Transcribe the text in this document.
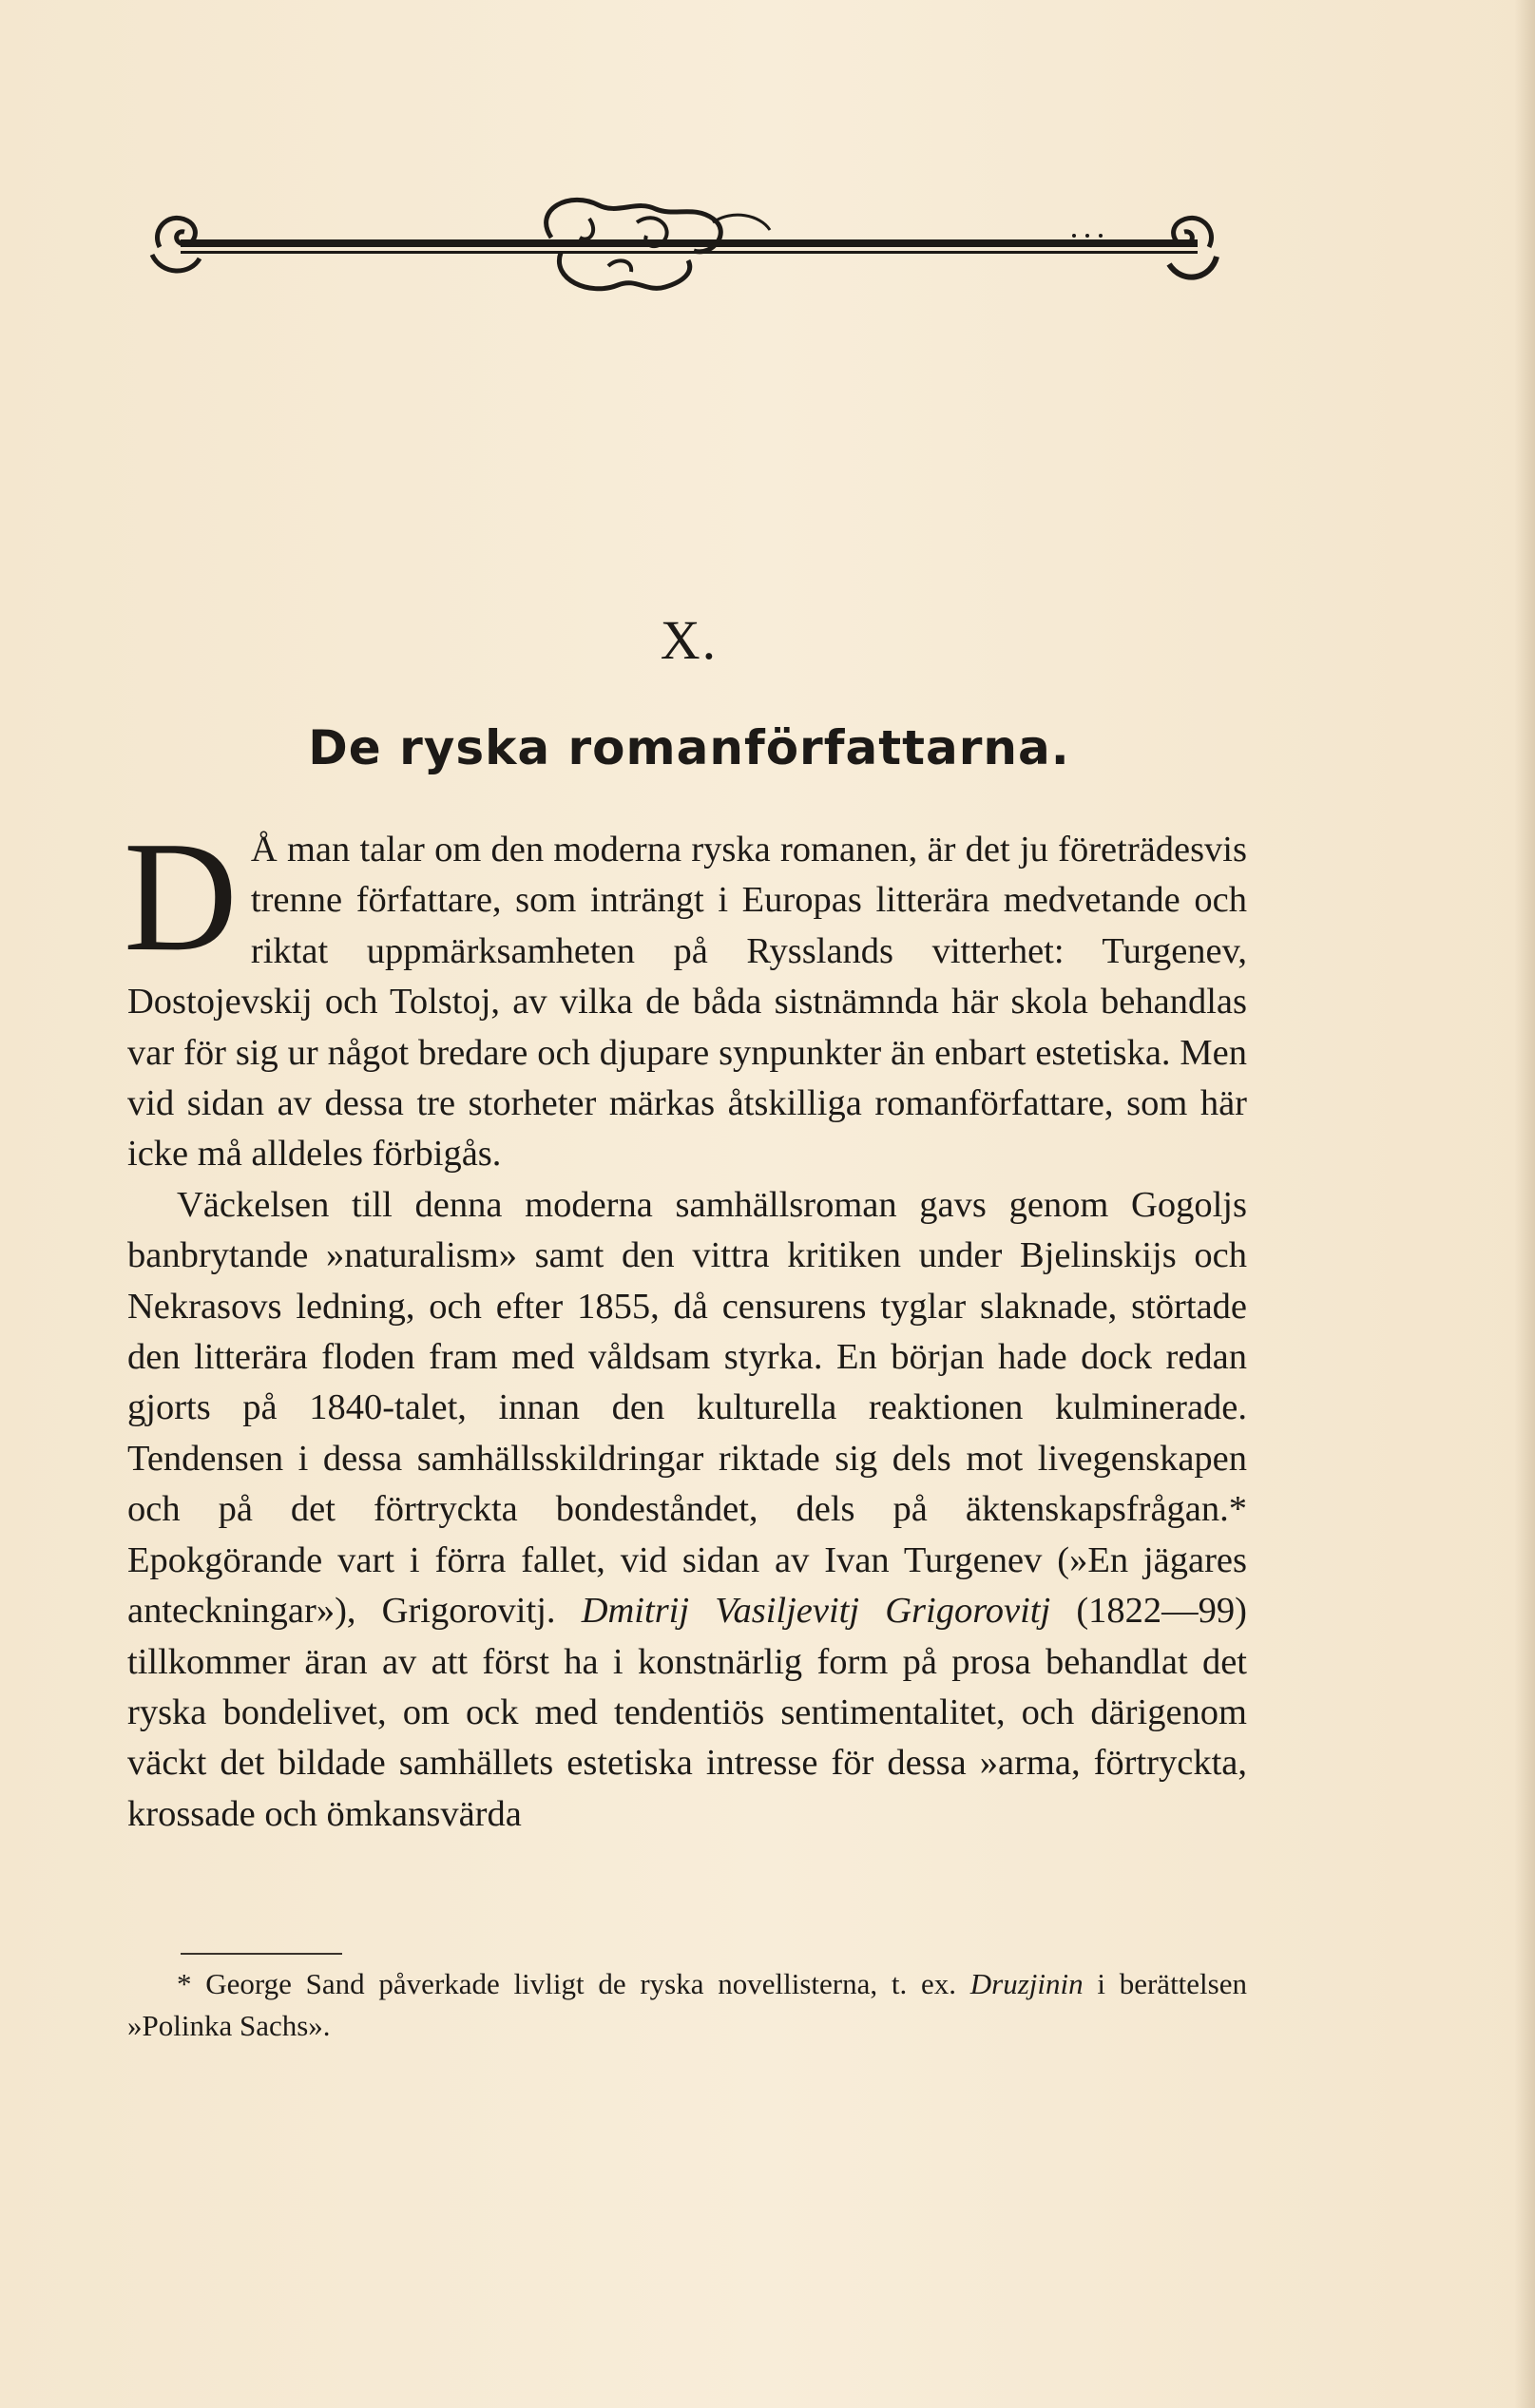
X.
De ryska romanförfattarna.

D Å man talar om den moderna ryska romanen, är det ju företrädesvis trenne författare, som inträngt i Europas litterära medvetande och riktat uppmärksamheten på Rysslands vitterhet: Turgenev, Dostojevskij och Tolstoj, av vilka de båda sistnämnda här skola behandlas var för sig ur något bredare och djupare synpunkter än enbart estetiska. Men vid sidan av dessa tre storheter märkas åtskilliga romanförfattare, som här icke må alldeles förbigås.

Väckelsen till denna moderna samhällsroman gavs genom Gogoljs banbrytande »naturalism» samt den vittra kritiken under Bjelinskijs och Nekrasovs ledning, och efter 1855, då censurens tyglar slaknade, störtade den litterära floden fram med våldsam styrka. En början hade dock redan gjorts på 1840-talet, innan den kulturella reaktionen kulminerade. Tendensen i dessa samhällsskildringar riktade sig dels mot livegenskapen och på det förtryckta bondeståndet, dels på äktenskapsfrågan.* Epokgörande vart i förra fallet, vid sidan av Ivan Turgenev (»En jägares anteckningar»), Grigorovitj. Dmitrij Vasiljevitj Grigorovitj (1822—99) tillkommer äran av att först ha i konstnärlig form på prosa behandlat det ryska bondelivet, om ock med tendentiös sentimentalitet, och därigenom väckt det bildade samhällets estetiska intresse för dessa »arma, förtryckta, krossade och ömkansvärda

* George Sand påverkade livligt de ryska novellisterna, t. ex. Druzjinin i berättelsen »Polinka Sachs».
